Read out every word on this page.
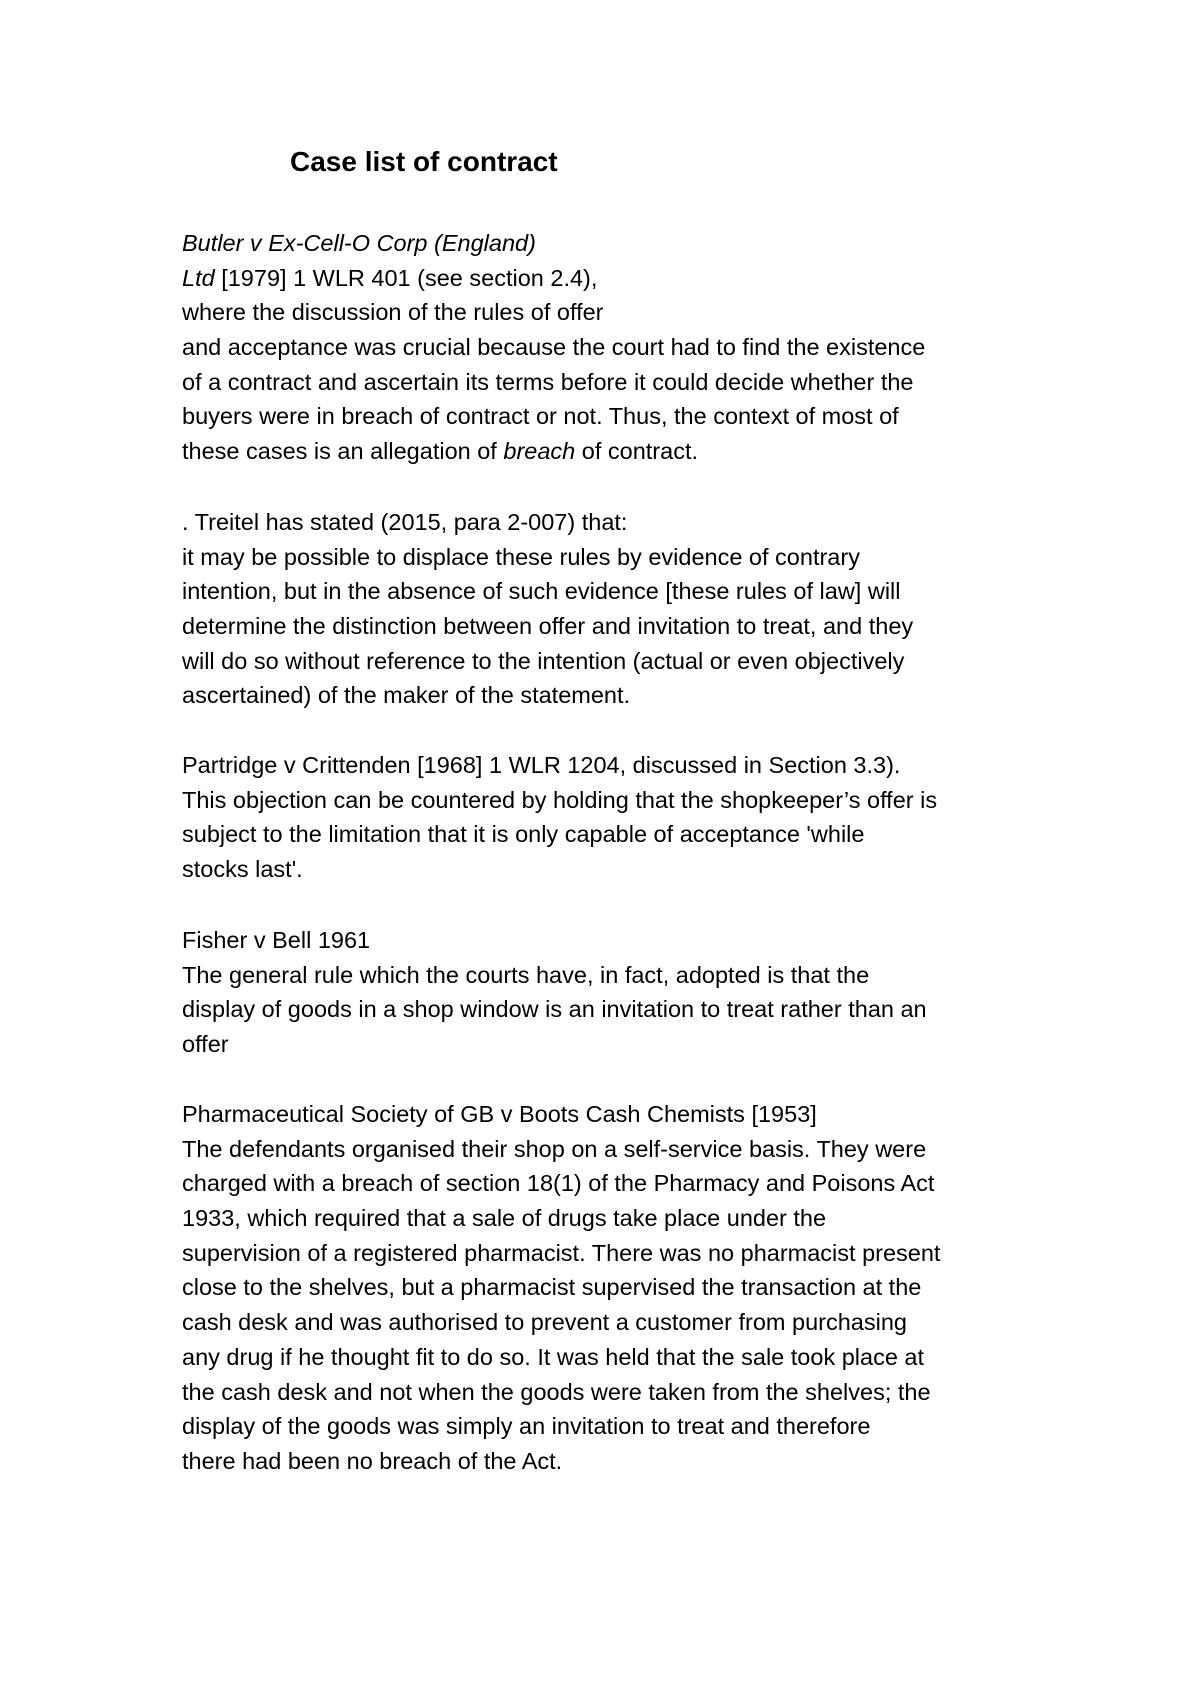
Case list of contract
Butler v Ex-Cell-O Corp (England)
Ltd [1979] 1 WLR 401 (see section 2.4),
where the discussion of the rules of offer
and acceptance was crucial because the court had to find the existence
of a contract and ascertain its terms before it could decide whether the
buyers were in breach of contract or not. Thus, the context of most of
these cases is an allegation of breach of contract.
. Treitel has stated (2015, para 2-007) that:
it may be possible to displace these rules by evidence of contrary
intention, but in the absence of such evidence [these rules of law] will
determine the distinction between offer and invitation to treat, and they
will do so without reference to the intention (actual or even objectively
ascertained) of the maker of the statement.
Partridge v Crittenden [1968] 1 WLR 1204, discussed in Section 3.3).
This objection can be countered by holding that the shopkeeper’s offer is
subject to the limitation that it is only capable of acceptance 'while
stocks last'.
Fisher v Bell 1961
The general rule which the courts have, in fact, adopted is that the
display of goods in a shop window is an invitation to treat rather than an
offer
Pharmaceutical Society of GB v Boots Cash Chemists [1953]
The defendants organised their shop on a self-service basis. They were
charged with a breach of section 18(1) of the Pharmacy and Poisons Act
1933, which required that a sale of drugs take place under the
supervision of a registered pharmacist. There was no pharmacist present
close to the shelves, but a pharmacist supervised the transaction at the
cash desk and was authorised to prevent a customer from purchasing
any drug if he thought fit to do so. It was held that the sale took place at
the cash desk and not when the goods were taken from the shelves; the
display of the goods was simply an invitation to treat and therefore
there had been no breach of the Act.
